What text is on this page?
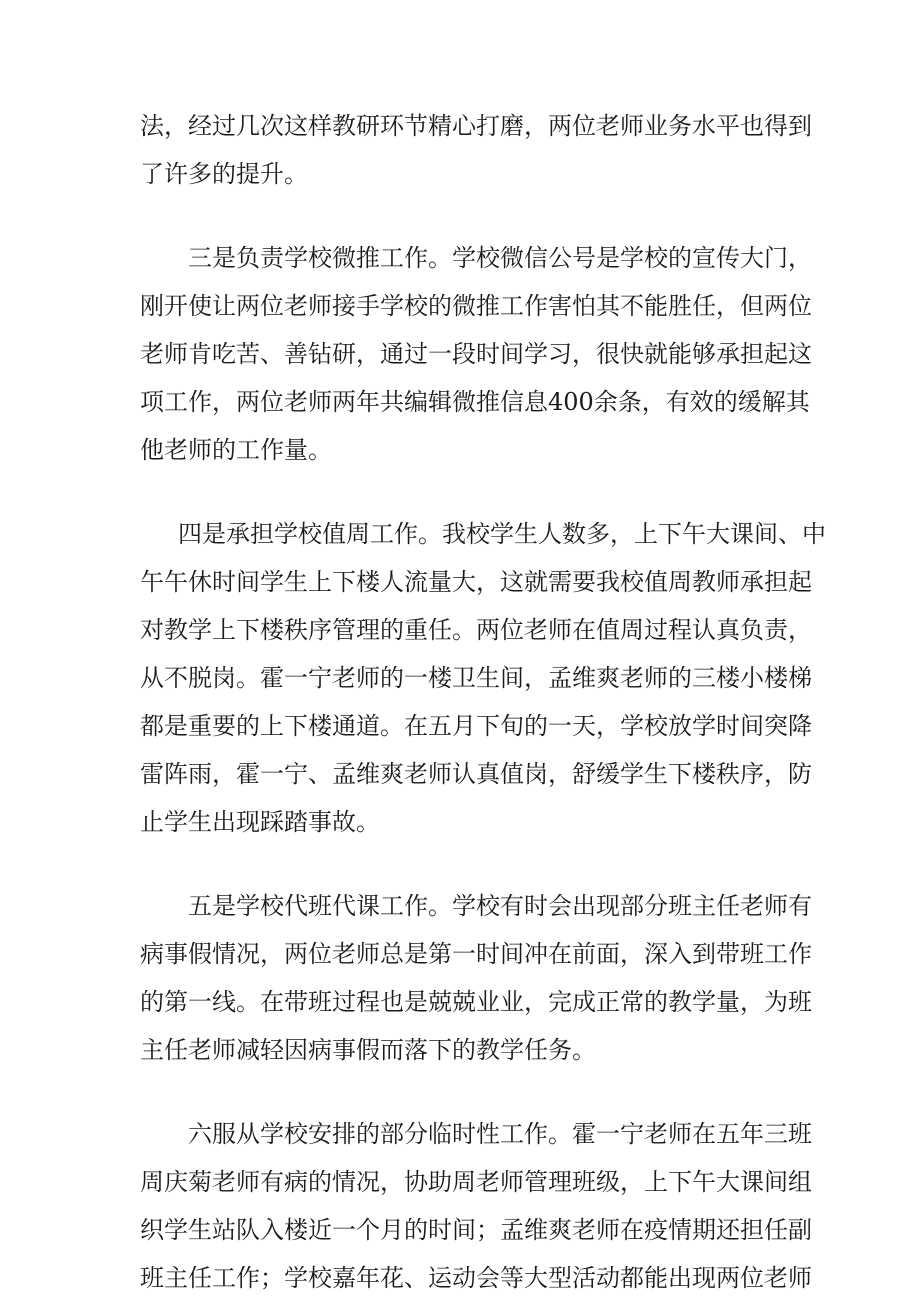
法，经过几次这样教研环节精心打磨，两位老师业务水平也得到
了许多的提升。
三是负责学校微推工作。学校微信公号是学校的宣传大门，
刚开使让两位老师接手学校的微推工作害怕其不能胜任，但两位
老师肯吃苦、善钻研，通过一段时间学习，很快就能够承担起这
项工作，两位老师两年共编辑微推信息400余条，有效的缓解其
他老师的工作量。
四是承担学校值周工作。我校学生人数多，上下午大课间、中
午午休时间学生上下楼人流量大，这就需要我校值周教师承担起
对教学上下楼秩序管理的重任。两位老师在值周过程认真负责，
从不脱岗。霍一宁老师的一楼卫生间，孟维爽老师的三楼小楼梯
都是重要的上下楼通道。在五月下旬的一天，学校放学时间突降
雷阵雨，霍一宁、孟维爽老师认真值岗，舒缓学生下楼秩序，防
止学生出现踩踏事故。
五是学校代班代课工作。学校有时会出现部分班主任老师有
病事假情况，两位老师总是第一时间冲在前面，深入到带班工作
的第一线。在带班过程也是兢兢业业，完成正常的教学量，为班
主任老师减轻因病事假而落下的教学任务。
六服从学校安排的部分临时性工作。霍一宁老师在五年三班
周庆菊老师有病的情况，协助周老师管理班级，上下午大课间组
织学生站队入楼近一个月的时间；孟维爽老师在疫情期还担任副
班主任工作；学校嘉年花、运动会等大型活动都能出现两位老师
